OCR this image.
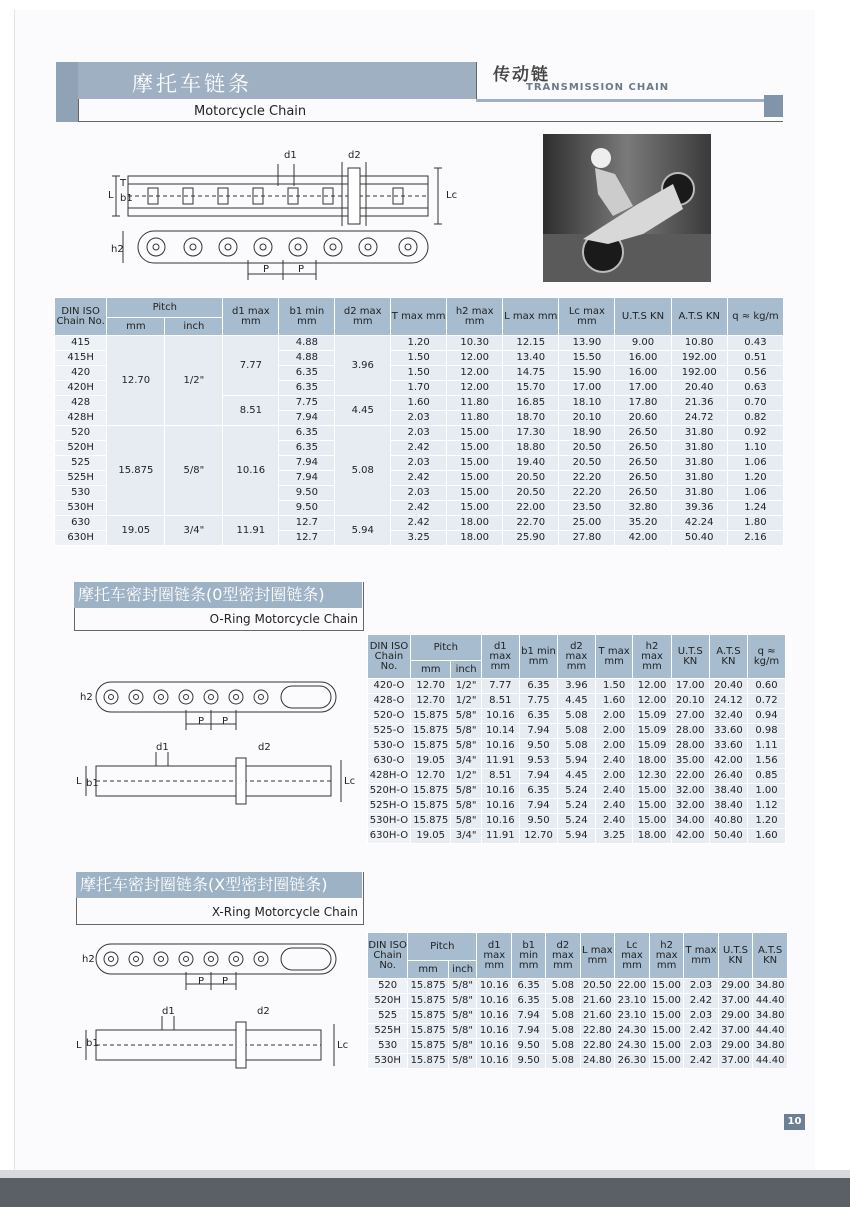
摩托车链条
Motorcycle Chain
传动链
TRANSMISSION CHAIN
d1	d2
L b1
T
Lc
h2
P	P
DIN ISO Chain No.	Pitch		d1 max mm	b1 min mm	d2 max mm	T max mm	h2 max mm	L max mm	Lc max mm	U.T.S KN	A.T.S KN	q ≈ kg/m
	mm	inch										
415	12.70	1/2"	7.77	4.88	3.96	1.20	10.30	12.15	13.90	9.00	10.80	0.43
415H				4.88		1.50	12.00	13.40	15.50	16.00	192.00	0.51
420				6.35		1.50	12.00	14.75	15.90	16.00	192.00	0.56
420H				6.35		1.70	12.00	15.70	17.00	17.00	20.40	0.63
428			8.51	7.75	4.45	1.60	11.80	16.85	18.10	17.80	21.36	0.70
428H				7.94		2.03	11.80	18.70	20.10	20.60	24.72	0.82
520	15.875	5/8"	10.16	6.35	5.08	2.03	15.00	17.30	18.90	26.50	31.80	0.92
520H				6.35		2.42	15.00	18.80	20.50	26.50	31.80	1.10
525				7.94		2.03	15.00	19.40	20.50	26.50	31.80	1.06
525H				7.94		2.42	15.00	20.50	22.20	26.50	31.80	1.20
530				9.50		2.03	15.00	20.50	22.20	26.50	31.80	1.06
530H				9.50		2.42	15.00	22.00	23.50	32.80	39.36	1.24
630	19.05	3/4"	11.91	12.7	5.94	2.42	18.00	22.70	25.00	35.20	42.24	1.80
630H				12.7		3.25	18.00	25.90	27.80	42.00	50.40	2.16
摩托车密封圈链条(0型密封圈链条)
O-Ring Motorcycle Chain
h2
P P
d1	d2
L b1	Lc
DIN ISO Chain No.	Pitch		d1 max mm	b1 min mm	d2 max mm	T max mm	h2 max mm	U.T.S KN	A.T.S KN	q ≈ kg/m
	mm	inch								
420-O	12.70	1/2"	7.77	6.35	3.96	1.50	12.00	17.00	20.40	0.60
428-O	12.70	1/2"	8.51	7.75	4.45	1.60	12.00	20.10	24.12	0.72
520-O	15.875	5/8"	10.16	6.35	5.08	2.00	15.09	27.00	32.40	0.94
525-O	15.875	5/8"	10.14	7.94	5.08	2.00	15.09	28.00	33.60	0.98
530-O	15.875	5/8"	10.16	9.50	5.08	2.00	15.09	28.00	33.60	1.11
630-O	19.05	3/4"	11.91	9.53	5.94	2.40	18.00	35.00	42.00	1.56
428H-O	12.70	1/2"	8.51	7.94	4.45	2.00	12.30	22.00	26.40	0.85
520H-O	15.875	5/8"	10.16	6.35	5.24	2.40	15.00	32.00	38.40	1.00
525H-O	15.875	5/8"	10.16	7.94	5.24	2.40	15.00	32.00	38.40	1.12
530H-O	15.875	5/8"	10.16	9.50	5.24	2.40	15.00	34.00	40.80	1.20
630H-O	19.05	3/4"	11.91	12.70	5.94	3.25	18.00	42.00	50.40	1.60
摩托车密封圈链条(X型密封圈链条)
X-Ring Motorcycle Chain
h2
P P
d1	d2
L b1	Lc
DIN ISO Chain No.	Pitch		d1 max mm	b1 min mm	d2 max mm	L max mm	Lc max mm	h2 max mm	T max mm	U.T.S KN	A.T.S KN
	mm	inch									
520	15.875	5/8"	10.16	6.35	5.08	20.50	22.00	15.00	2.03	29.00	34.80
520H	15.875	5/8"	10.16	6.35	5.08	21.60	23.10	15.00	2.42	37.00	44.40
525	15.875	5/8"	10.16	7.94	5.08	21.60	23.10	15.00	2.03	29.00	34.80
525H	15.875	5/8"	10.16	7.94	5.08	22.80	24.30	15.00	2.42	37.00	44.40
530	15.875	5/8"	10.16	9.50	5.08	22.80	24.30	15.00	2.03	29.00	34.80
530H	15.875	5/8"	10.16	9.50	5.08	24.80	26.30	15.00	2.42	37.00	44.40
10
